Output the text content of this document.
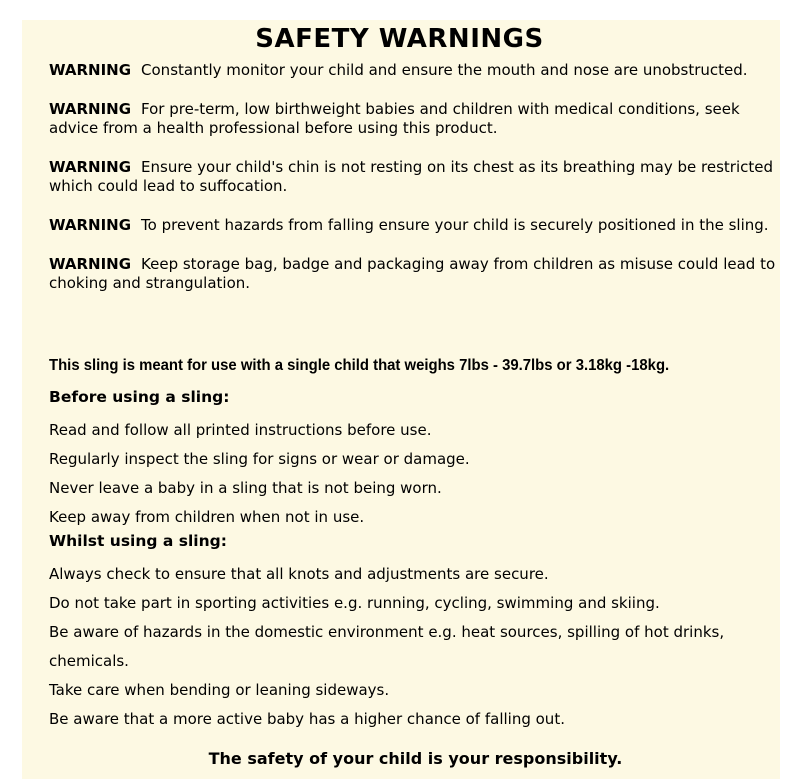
SAFETY WARNINGS
WARNING Constantly monitor your child and ensure the mouth and nose are unobstructed.
WARNING For pre-term, low birthweight babies and children with medical conditions, seek advice from a health professional before using this product.
WARNING Ensure your child's chin is not resting on its chest as its breathing may be restricted which could lead to suffocation.
WARNING To prevent hazards from falling ensure your child is securely positioned in the sling.
WARNING Keep storage bag, badge and packaging away from children as misuse could lead to choking and strangulation.

This sling is meant for use with a single child that weighs 7lbs - 39.7lbs or 3.18kg -18kg.

Before using a sling:
Read and follow all printed instructions before use.
Regularly inspect the sling for signs or wear or damage.
Never leave a baby in a sling that is not being worn.
Keep away from children when not in use.
Whilst using a sling:
Always check to ensure that all knots and adjustments are secure.
Do not take part in sporting activities e.g. running, cycling, swimming and skiing.
Be aware of hazards in the domestic environment e.g. heat sources, spilling of hot drinks, chemicals.
Take care when bending or leaning sideways.
Be aware that a more active baby has a higher chance of falling out.

The safety of your child is your responsibility.
